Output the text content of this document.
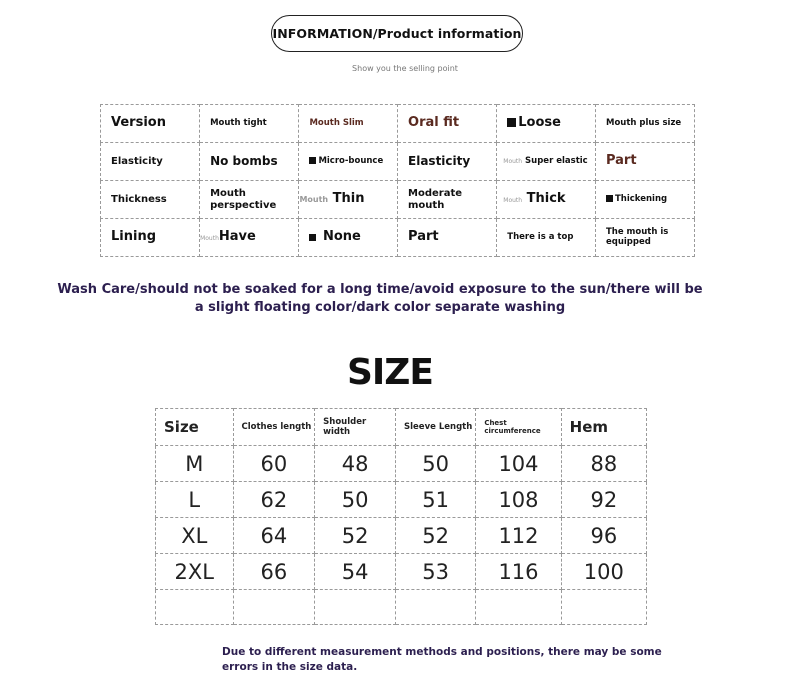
INFORMATION/Product information
Show you the selling point
Version	Mouth tight	Mouth Slim	Oral fit	Loose	Mouth plus size

Elasticity	No bombs	Micro-bounce	Elasticity	Mouth Super elastic	Part

Thickness	Mouth perspective	Mouth Thin	Moderate mouth	Mouth Thick	Thickening

Lining	MouthHave	None	Part	There is a top	The mouth is equipped
Wash Care/should not be soaked for a long time/avoid exposure to the sun/there will be a slight floating color/dark color separate washing
SIZE
Size	Clothes length	Shoulder width	Sleeve Length	Chest circumference	Hem
M	60	48	50	104	88
L	62	50	51	108	92
XL	64	52	52	112	96
2XL	66	54	53	116	100

Due to different measurement methods and positions, there may be some errors in the size data.
